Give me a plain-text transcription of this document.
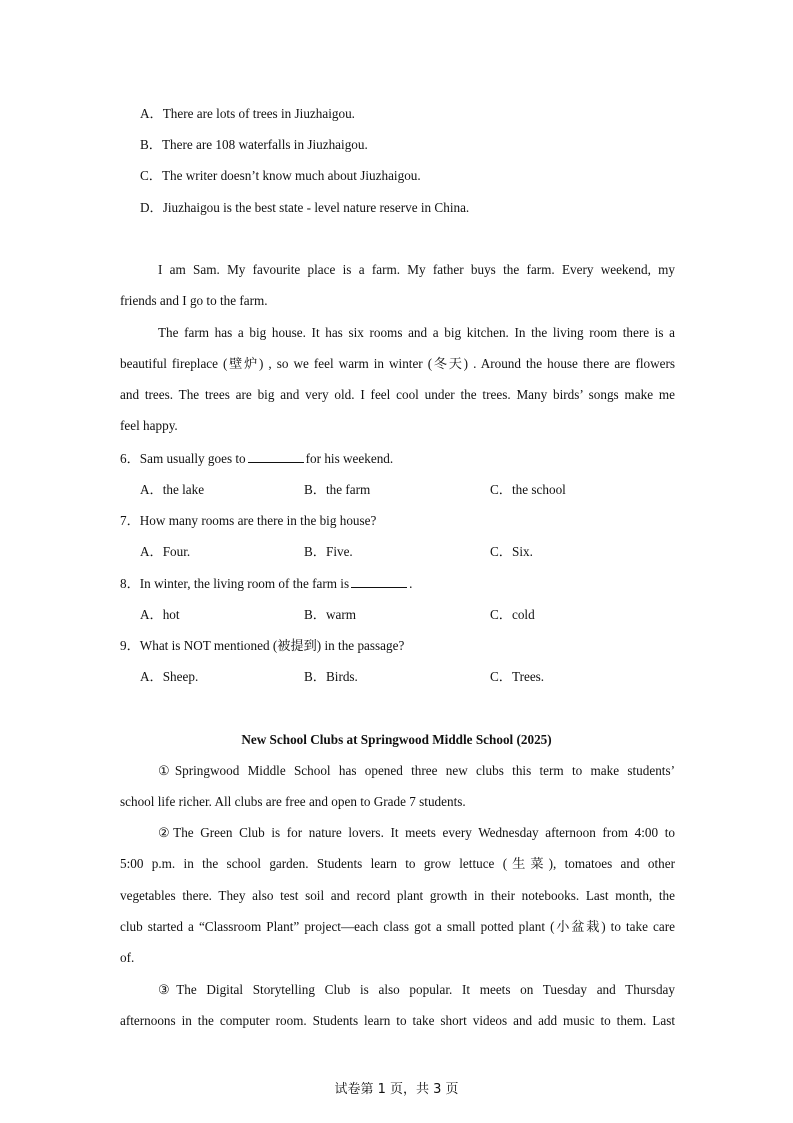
A．There are lots of trees in Jiuzhaigou.
B．There are 108 waterfalls in Jiuzhaigou.
C．The writer doesn’t know much about Jiuzhaigou.
D．Jiuzhaigou is the best state - level nature reserve in China.
I am Sam. My favourite place is a farm. My father buys the farm. Every weekend, my
friends and I go to the farm.
The farm has a big house. It has six rooms and a big kitchen. In the living room there is a
beautiful fireplace (壁炉) , so we feel warm in winter (冬天) . Around the house there are flowers
and trees. The trees are big and very old. I feel cool under the trees. Many birds’ songs make me
feel happy.
6．Sam usually goes to	for his weekend.
A．the lake	B．the farm	C．the school
7．How many rooms are there in the big house?
A．Four.	B．Five.	C．Six.
8．In winter, the living room of the farm is	.
A．hot	B．warm	C．cold
9．What is NOT mentioned (被提到) in the passage?
A．Sheep.	B．Birds.	C．Trees.
New School Clubs at Springwood Middle School (2025)
①Springwood Middle School has opened three new clubs this term to make students’
school life richer. All clubs are free and open to Grade 7 students.
②The Green Club is for nature lovers. It meets every Wednesday afternoon from 4:00 to
5:00 p.m. in the school garden. Students learn to grow lettuce (生菜), tomatoes and other
vegetables there. They also test soil and record plant growth in their notebooks. Last month, the
club started a “Classroom Plant” project—each class got a small potted plant (小盆栽) to take care
of.
③The Digital Storytelling Club is also popular. It meets on Tuesday and Thursday
afternoons in the computer room. Students learn to take short videos and add music to them. Last
试卷第 1 页，共 3 页
